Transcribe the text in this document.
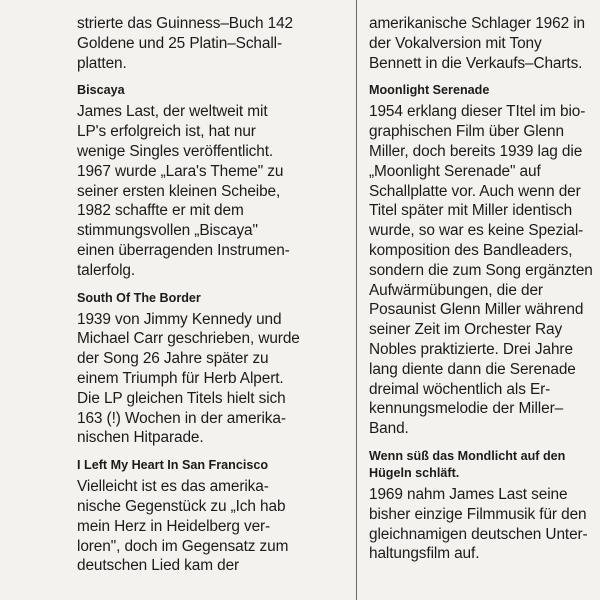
strierte das Guinness–Buch 142
Goldene und 25 Platin–Schall-
platten.
Biscaya
James Last, der weltweit mit
LP's erfolgreich ist, hat nur
wenige Singles veröffentlicht.
1967 wurde „Lara's Theme" zu
seiner ersten kleinen Scheibe,
1982 schaffte er mit dem
stimmungsvollen „Biscaya"
einen überragenden Instrumen-
talerfolg.
South Of The Border
1939 von Jimmy Kennedy und
Michael Carr geschrieben, wurde
der Song 26 Jahre später zu
einem Triumph für Herb Alpert.
Die LP gleichen Titels hielt sich
163 (!) Wochen in der amerika-
nischen Hitparade.
I Left My Heart In San Francisco
Vielleicht ist es das amerika-
nische Gegenstück zu „Ich hab
mein Herz in Heidelberg ver-
loren", doch im Gegensatz zum
deutschen Lied kam der
amerikanische Schlager 1962 in
der Vokalversion mit Tony
Bennett in die Verkaufs–Charts.
Moonlight Serenade
1954 erklang dieser TItel im bio-
graphischen Film über Glenn
Miller, doch bereits 1939 lag die
„Moonlight Serenade" auf
Schallplatte vor. Auch wenn der
Titel später mit Miller identisch
wurde, so war es keine Spezial-
komposition des Bandleaders,
sondern die zum Song ergänzten
Aufwärmübungen, die der
Posaunist Glenn Miller während
seiner Zeit im Orchester Ray
Nobles praktizierte. Drei Jahre
lang diente dann die Serenade
dreimal wöchentlich als Er-
kennungsmelodie der Miller–
Band.
Wenn süß das Mondlicht auf den
Hügeln schläft.
1969 nahm James Last seine
bisher einzige Filmmusik für den
gleichnamigen deutschen Unter-
haltungsfilm auf.
